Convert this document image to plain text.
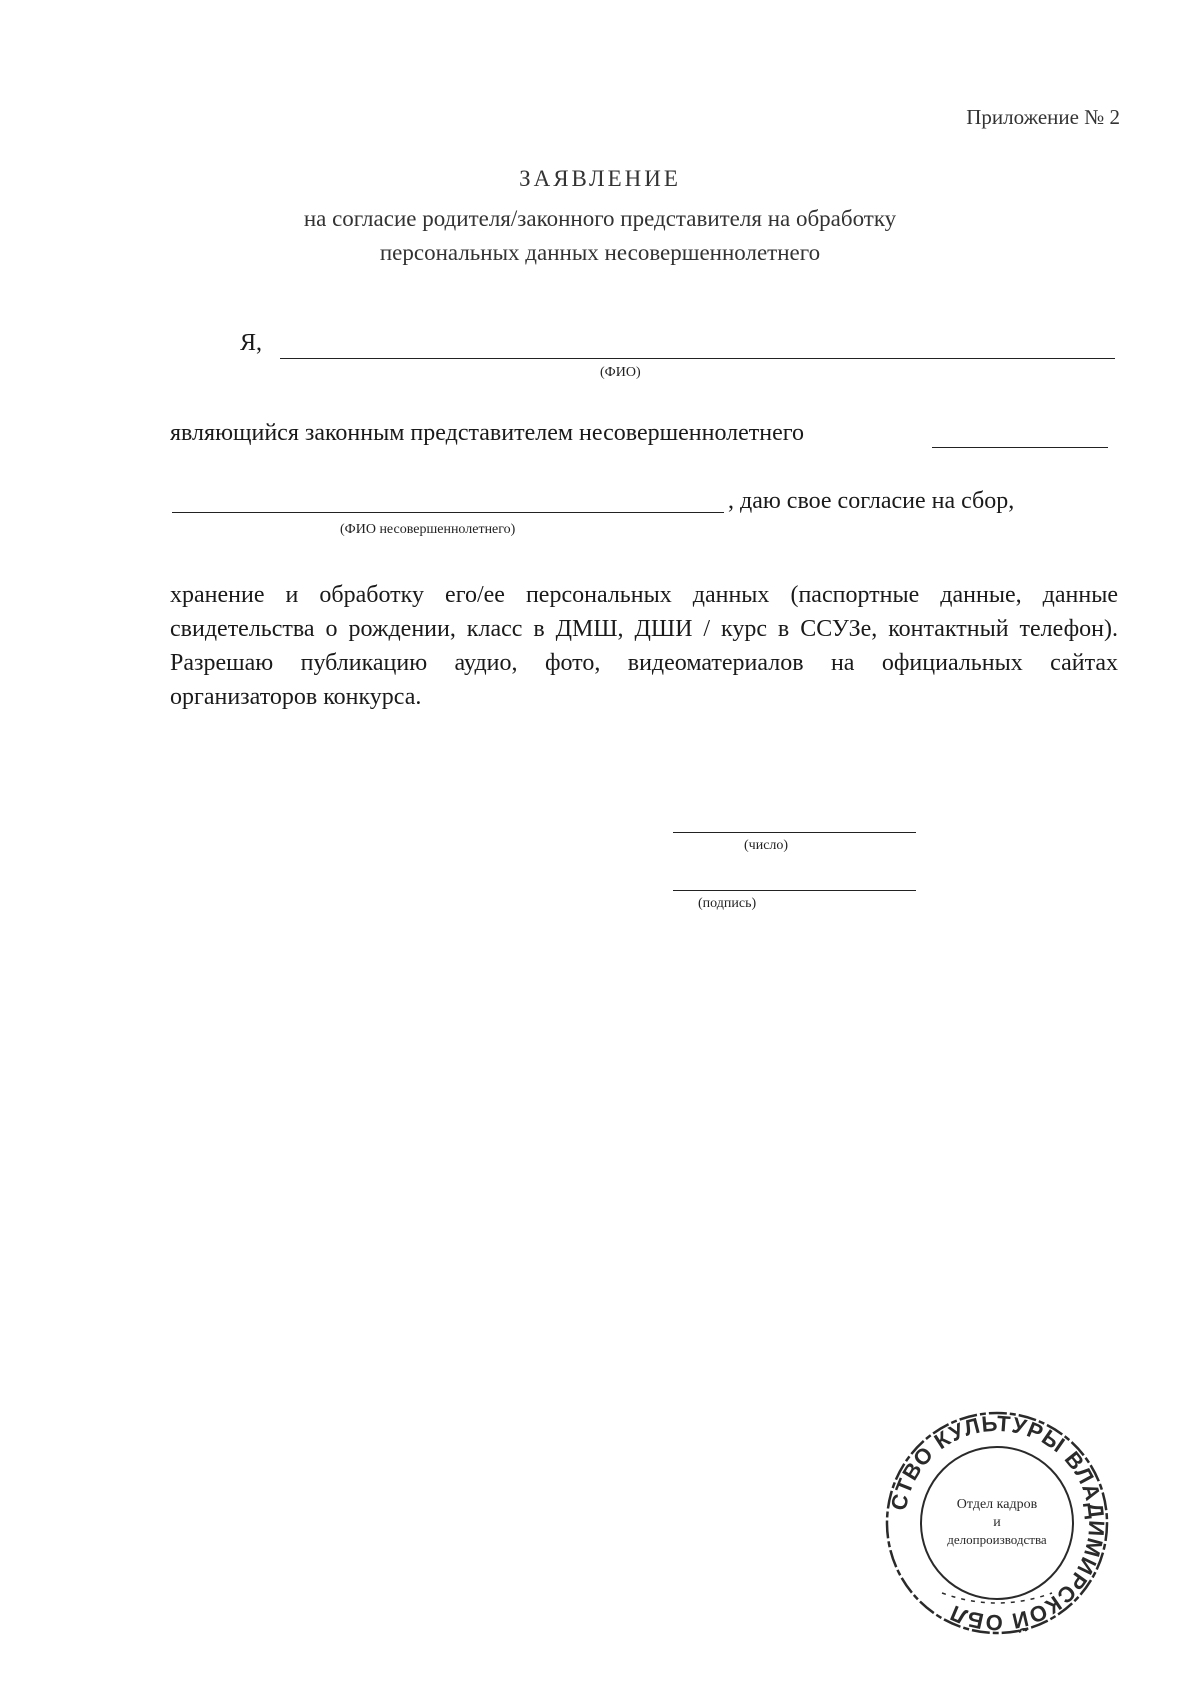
Приложение № 2
ЗАЯВЛЕНИЕ
на согласие родителя/законного представителя на обработку
персональных данных несовершеннолетнего
Я,
(ФИО)
являющийся законным представителем несовершеннолетнего
, даю свое согласие на сбор,
(ФИО несовершеннолетнего)
хранение и обработку его/ее персональных данных (паспортные данные, данные свидетельства о рождении, класс в ДМШ, ДШИ / курс в ССУЗе, контактный телефон). Разрешаю публикацию аудио, фото, видеоматериалов на официальных сайтах организаторов конкурса.
(число)
(подпись)
СТВО КУЛЬТУРЫ ВЛАДИМИРСКОЙ ОБЛ
Отдел кадров
и
делопроизводства
